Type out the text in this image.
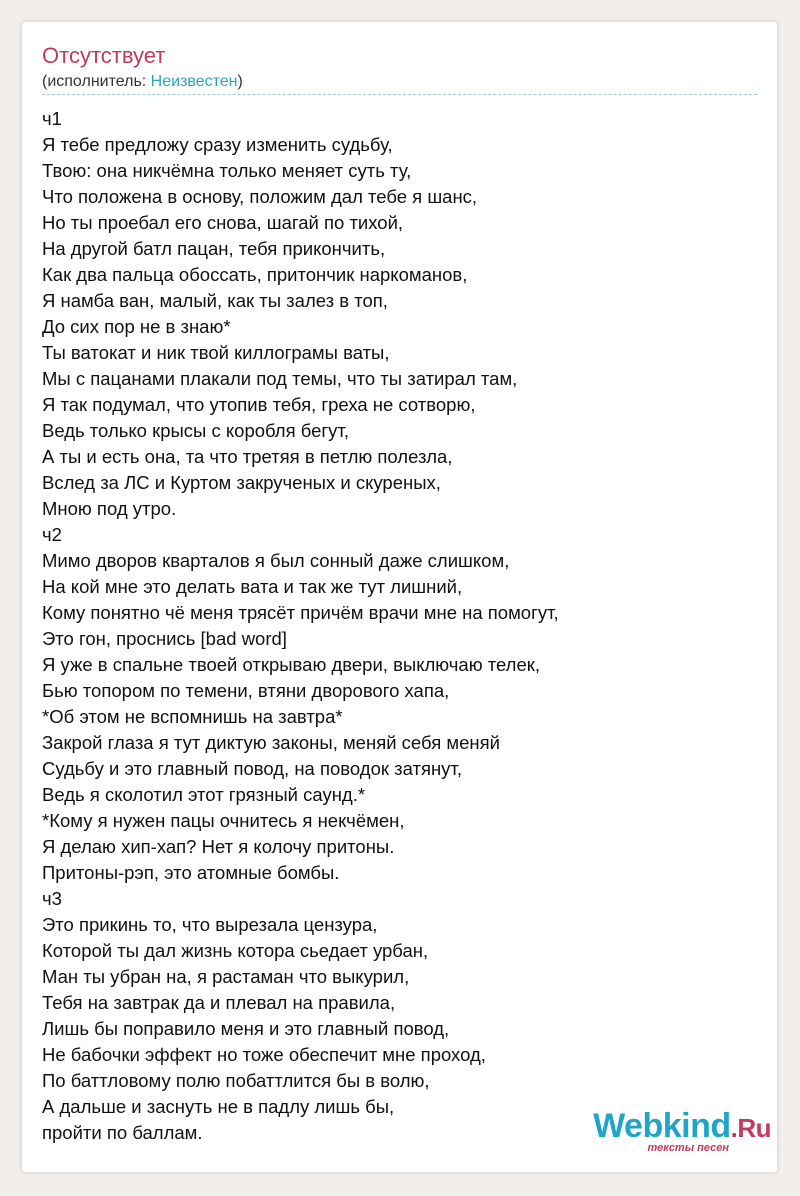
Отсутствует
(исполнитель: Неизвестен)
ч1
Я тебе предложу сразу изменить судьбу,
Твою: она никчёмна только меняет суть ту,
Что положена в основу, положим дал тебе я шанс,
Но ты проебал его снова, шагай по тихой,
На другой батл пацан, тебя прикончить,
Как два пальца обоссать, притончик наркоманов,
Я намба ван, малый, как ты залез в топ,
До сих пор не в знаю*
Ты ватокат и ник твой киллограмы ваты,
Мы с пацанами плакали под темы, что ты затирал там,
Я так подумал, что утопив тебя, греха не сотворю,
Ведь только крысы с коробля бегут,
А ты и есть она, та что третяя в петлю полезла,
Вслед за ЛС и Куртом закрученых и скуреных,
Мною под утро.
ч2
Мимо дворов кварталов я был сонный даже слишком,
На кой мне это делать вата и так же тут лишний,
Кому понятно чё меня трясёт причём врачи мне на помогут,
Это гон, проснись [bad word]
Я уже в спальне твоей открываю двери, выключаю телек,
Бью топором по темени, втяни дворового хапа,
*Об этом не вспомнишь на завтра*
Закрой глаза я тут диктую законы, меняй себя меняй
Судьбу и это главный повод, на поводок затянут,
Ведь я сколотил этот грязный саунд.*
*Кому я нужен пацы очнитесь я некчёмен,
Я делаю хип-хап? Нет я колочу притоны.
Притоны-рэп, это атомные бомбы.
ч3
Это прикинь то, что вырезала цензура,
Которой ты дал жизнь котора сьедает урбан,
Ман ты убран на, я растаман что выкурил,
Тебя на завтрак да и плевал на правила,
Лишь бы поправило меня и это главный повод,
Не бабочки эффект но тоже обеспечит мне проход,
По баттловому полю побаттлится бы в волю,
А дальше и заснуть не в падлу лишь бы,
пройти по баллам.	Webkind.Ru
тексты песен
